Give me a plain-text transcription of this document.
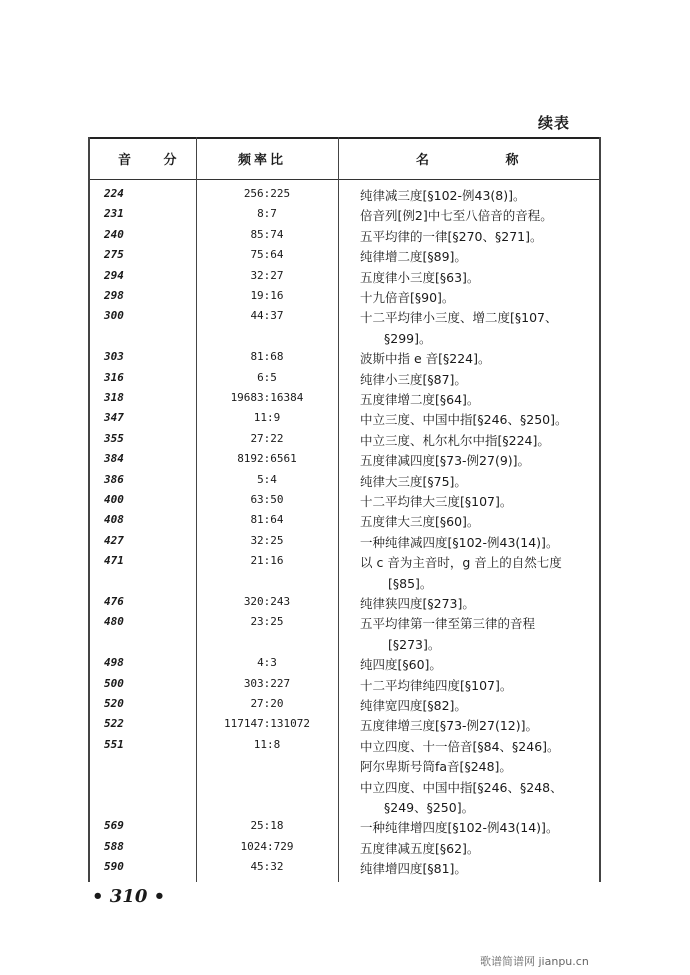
续表
音 分	频率比	名 称
224	256:225	纯律减三度[§102-例43(8)]。
231	8:7	倍音列[例2]中七至八倍音的音程。
240	85:74	五平均律的一律[§270、§271]。
275	75:64	纯律增二度[§89]。
294	32:27	五度律小三度[§63]。
298	19:16	十九倍音[§90]。
300	44:37	十二平均律小三度、增二度[§107、
§299]。
303	81:68	波斯中指 e 音[§224]。
316	6:5	纯律小三度[§87]。
318	19683:16384	五度律增二度[§64]。
347	11:9	中立三度、中国中指[§246、§250]。
355	27:22	中立三度、札尔札尔中指[§224]。
384	8192:6561	五度律减四度[§73-例27(9)]。
386	5:4	纯律大三度[§75]。
400	63:50	十二平均律大三度[§107]。
408	81:64	五度律大三度[§60]。
427	32:25	一种纯律减四度[§102-例43(14)]。
471	21:16	以 c 音为主音时，g 音上的自然七度
[§85]。
476	320:243	纯律狭四度[§273]。
480	23:25	五平均律第一律至第三律的音程
[§273]。
498	4:3	纯四度[§60]。
500	303:227	十二平均律纯四度[§107]。
520	27:20	纯律宽四度[§82]。
522	117147:131072	五度律增三度[§73-例27(12)]。
551	11:8	中立四度、十一倍音[§84、§246]。
阿尔卑斯号筒fa音[§248]。
中立四度、中国中指[§246、§248、
§249、§250]。
569	25:18	一种纯律增四度[§102-例43(14)]。
588	1024:729	五度律减五度[§62]。
590	45:32	纯律增四度[§81]。
• 310 •
歌谱简谱网 jianpu.cn
